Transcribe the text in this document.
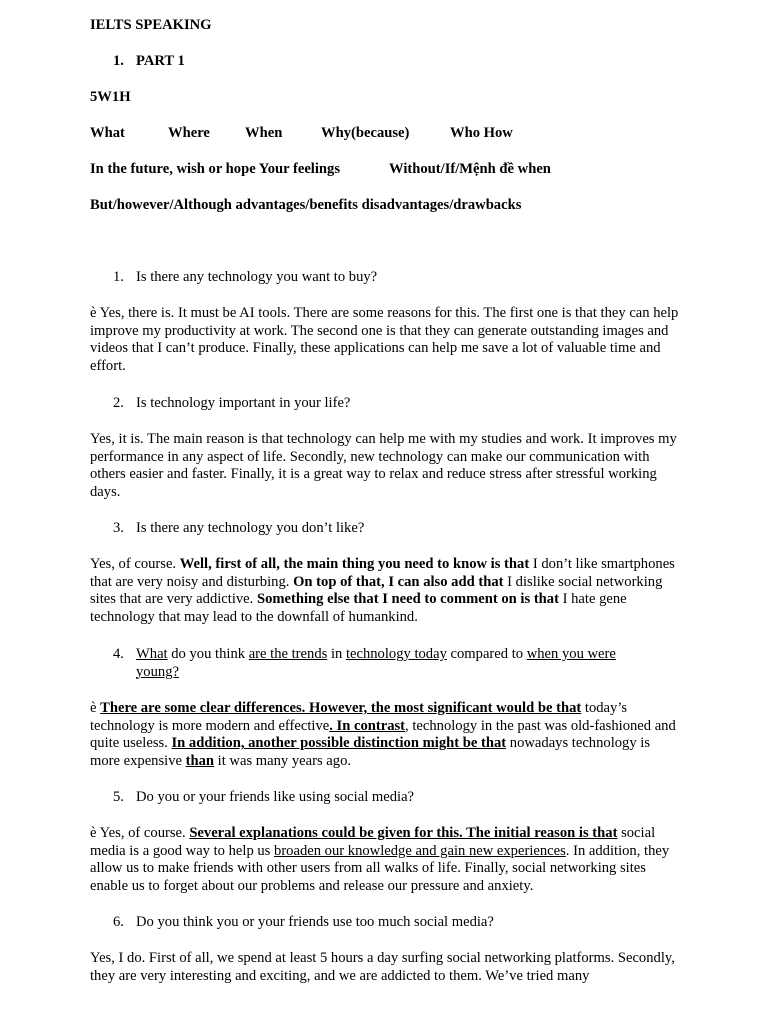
IELTS SPEAKING

1. PART 1

5W1H

What	Where When	Why(because)	Who How
In the future, wish or hope Your feelings	Without/If/Mệnh đề when

But/however/Although advantages/benefits disadvantages/drawbacks

1. Is there any technology you want to buy?

è Yes, there is. It must be AI tools. There are some reasons for this. The first one is that they can help improve my productivity at work. The second one is that they can generate outstanding images and videos that I can’t produce. Finally, these applications can help me save a lot of valuable time and effort.

2. Is technology important in your life?

Yes, it is. The main reason is that technology can help me with my studies and work. It improves my performance in any aspect of life. Secondly, new technology can make our communication with others easier and faster. Finally, it is a great way to relax and reduce stress after stressful working days.

3. Is there any technology you don’t like?

Yes, of course. Well, first of all, the main thing you need to know is that I don’t like smartphones that are very noisy and disturbing. On top of that, I can also add that I dislike social networking sites that are very addictive. Something else that I need to comment on is that I hate gene technology that may lead to the downfall of humankind.

4. What do you think are the trends in technology today compared to when you were young?

è There are some clear differences. However, the most significant would be that today’s technology is more modern and effective. In contrast, technology in the past was old-fashioned and quite useless. In addition, another possible distinction might be that nowadays technology is more expensive than it was many years ago.

5. Do you or your friends like using social media?

è Yes, of course. Several explanations could be given for this. The initial reason is that social media is a good way to help us broaden our knowledge and gain new experiences. In addition, they allow us to make friends with other users from all walks of life. Finally, social networking sites enable us to forget about our problems and release our pressure and anxiety.

6. Do you think you or your friends use too much social media?

Yes, I do. First of all, we spend at least 5 hours a day surfing social networking platforms. Secondly, they are very interesting and exciting, and we are addicted to them. We’ve tried many
